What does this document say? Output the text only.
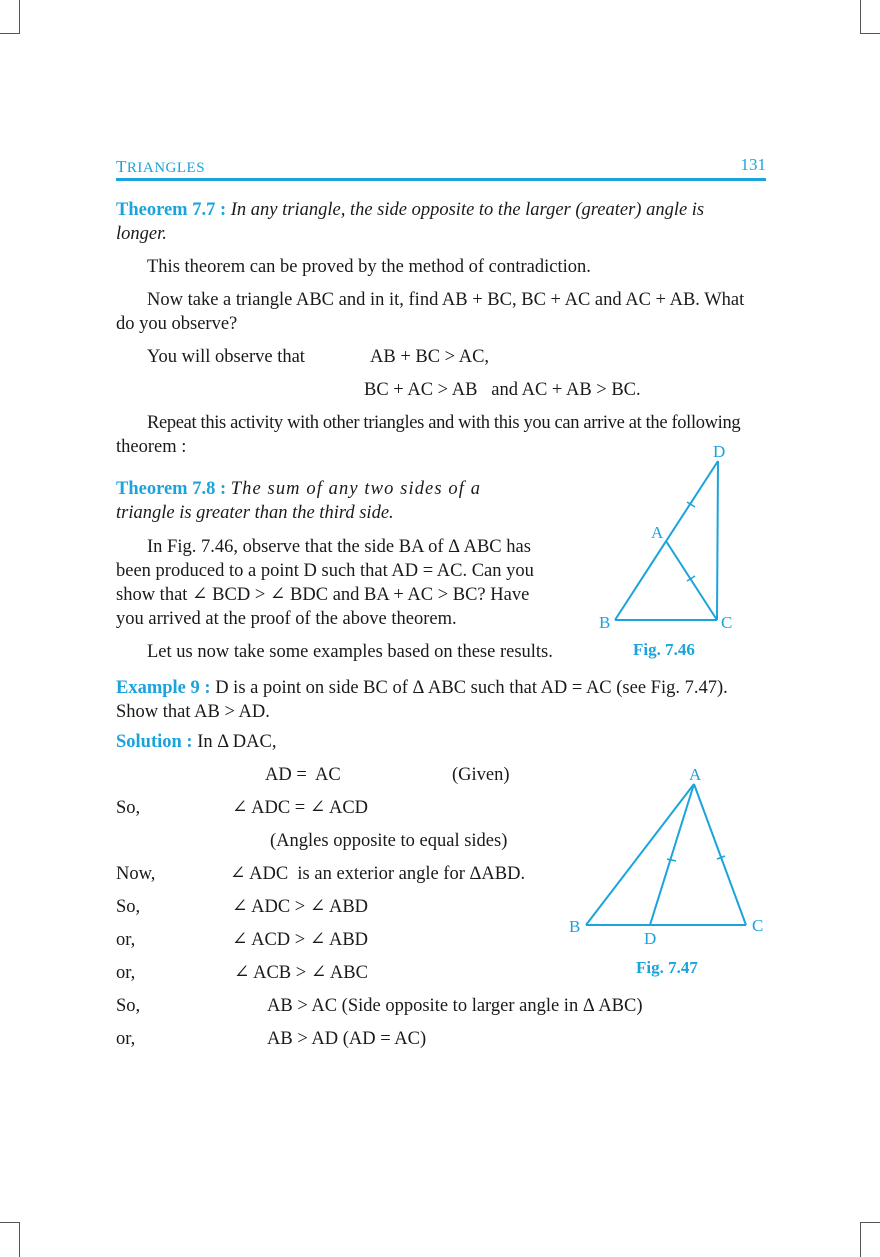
TRIANGLES	131
Theorem 7.7 : In any triangle, the side opposite to the larger (greater) angle is
longer.
This theorem can be proved by the method of contradiction.
Now take a triangle ABC and in it, find AB + BC, BC + AC and AC + AB. What
do you observe?
You will observe that	AB + BC > AC,
BC + AC > AB   and AC + AB > BC.
Repeat this activity with other triangles and with this you can arrive at the following
theorem :
Theorem 7.8 : The sum of any two sides of a
triangle is greater than the third side.
In Fig. 7.46, observe that the side BA of Δ ABC has
been produced to a point D such that AD = AC. Can you
show that ∠ BCD > ∠ BDC and BA + AC > BC? Have
you arrived at the proof of the above theorem.
Let us now take some examples based on these results.
D
A
B	C
Fig. 7.46
Example 9 : D is a point on side BC of Δ ABC such that AD = AC (see Fig. 7.47).
Show that AB > AD.
Solution : In Δ DAC,
AD =  AC	(Given)
So,	∠ ADC = ∠ ACD
(Angles opposite to equal sides)
Now,	∠ ADC  is an exterior angle for ΔABD.
So,	∠ ADC > ∠ ABD
or,	∠ ACD > ∠ ABD
or,	∠ ACB > ∠ ABC
So,	AB > AC (Side opposite to larger angle in Δ ABC)
or,	AB > AD (AD = AC)
A
B	C
D
Fig. 7.47
